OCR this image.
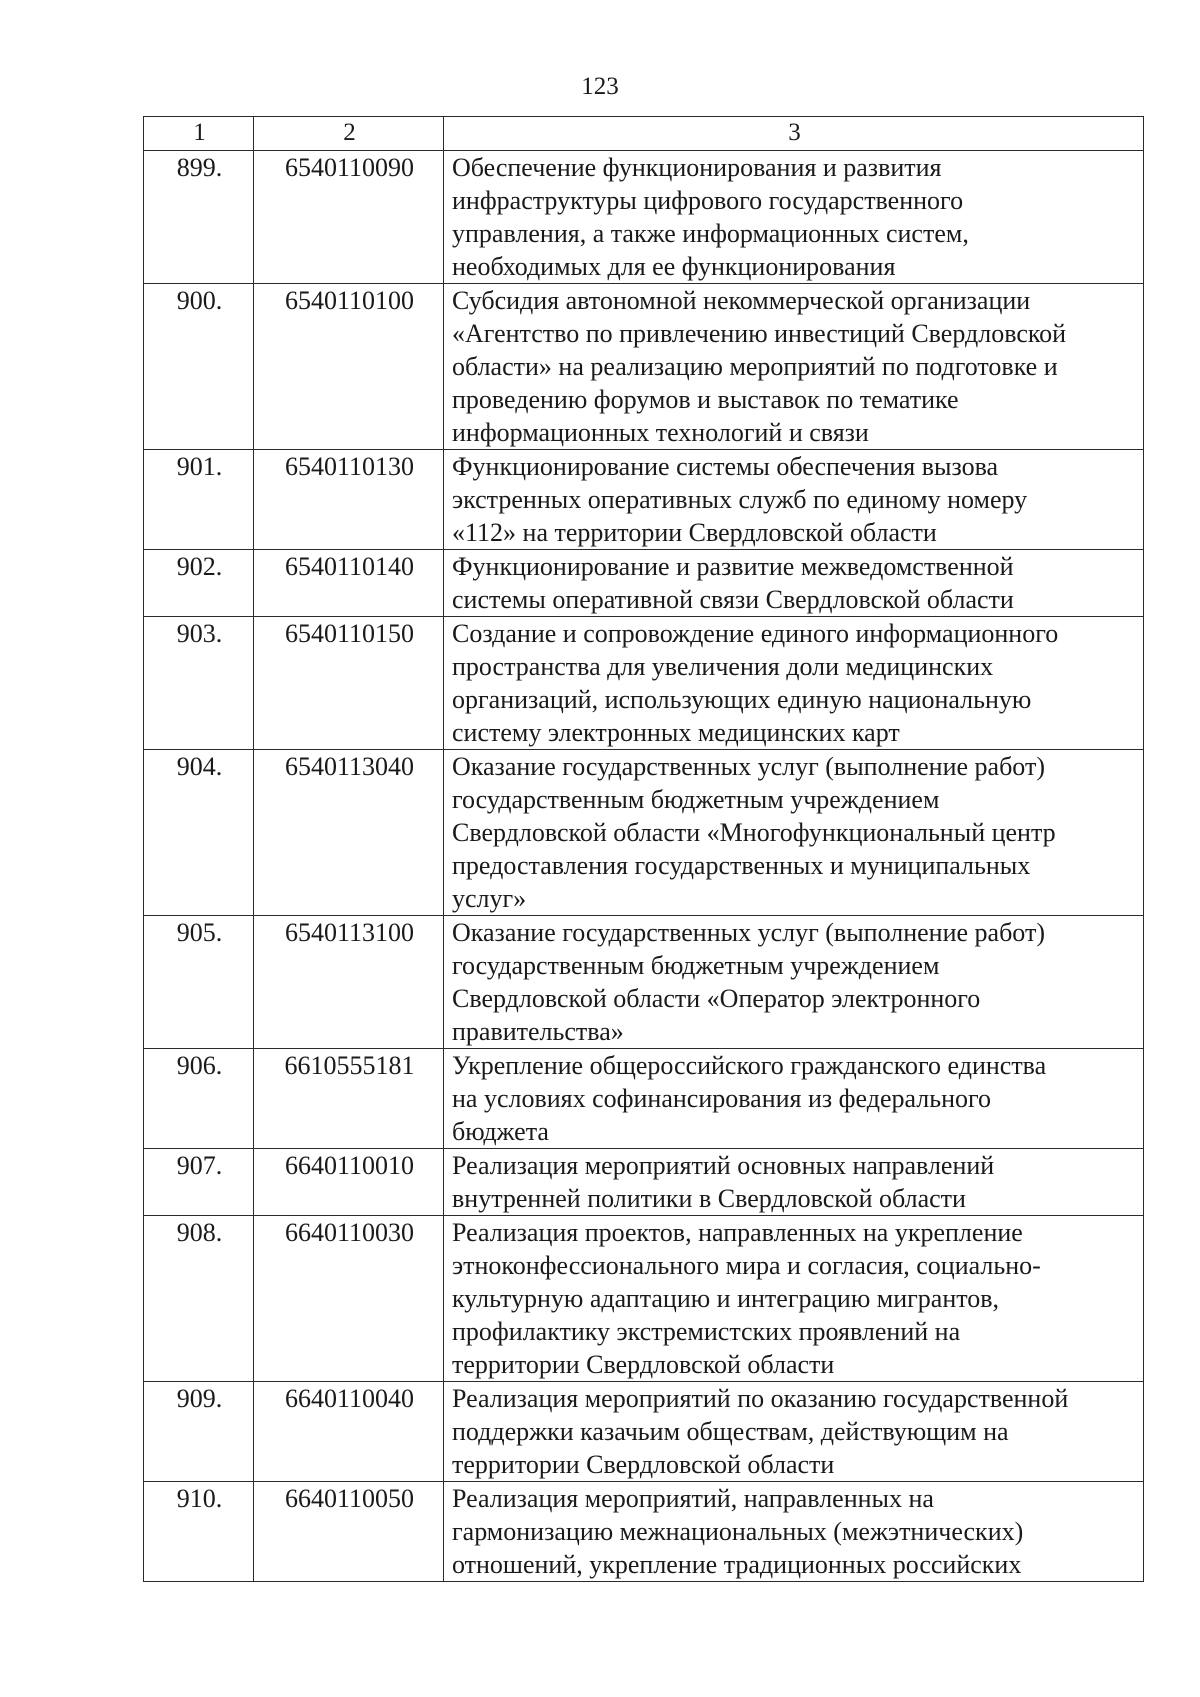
123
1	2	3
899.	6540110090	Обеспечение функционирования и развития
инфраструктуры цифрового государственного
управления, а также информационных систем,
необходимых для ее функционирования
900.	6540110100	Субсидия автономной некоммерческой организации
«Агентство по привлечению инвестиций Свердловской
области» на реализацию мероприятий по подготовке и
проведению форумов и выставок по тематике
информационных технологий и связи
901.	6540110130	Функционирование системы обеспечения вызова
экстренных оперативных служб по единому номеру
«112» на территории Свердловской области
902.	6540110140	Функционирование и развитие межведомственной
системы оперативной связи Свердловской области
903.	6540110150	Создание и сопровождение единого информационного
пространства для увеличения доли медицинских
организаций, использующих единую национальную
систему электронных медицинских карт
904.	6540113040	Оказание государственных услуг (выполнение работ)
государственным бюджетным учреждением
Свердловской области «Многофункциональный центр
предоставления государственных и муниципальных
услуг»
905.	6540113100	Оказание государственных услуг (выполнение работ)
государственным бюджетным учреждением
Свердловской области «Оператор электронного
правительства»
906.	6610555181	Укрепление общероссийского гражданского единства
на условиях софинансирования из федерального
бюджета
907.	6640110010	Реализация мероприятий основных направлений
внутренней политики в Свердловской области
908.	6640110030	Реализация проектов, направленных на укрепление
этноконфессионального мира и согласия, социально-
культурную адаптацию и интеграцию мигрантов,
профилактику экстремистских проявлений на
территории Свердловской области
909.	6640110040	Реализация мероприятий по оказанию государственной
поддержки казачьим обществам, действующим на
территории Свердловской области
910.	6640110050	Реализация мероприятий, направленных на
гармонизацию межнациональных (межэтнических)
отношений, укрепление традиционных российских
